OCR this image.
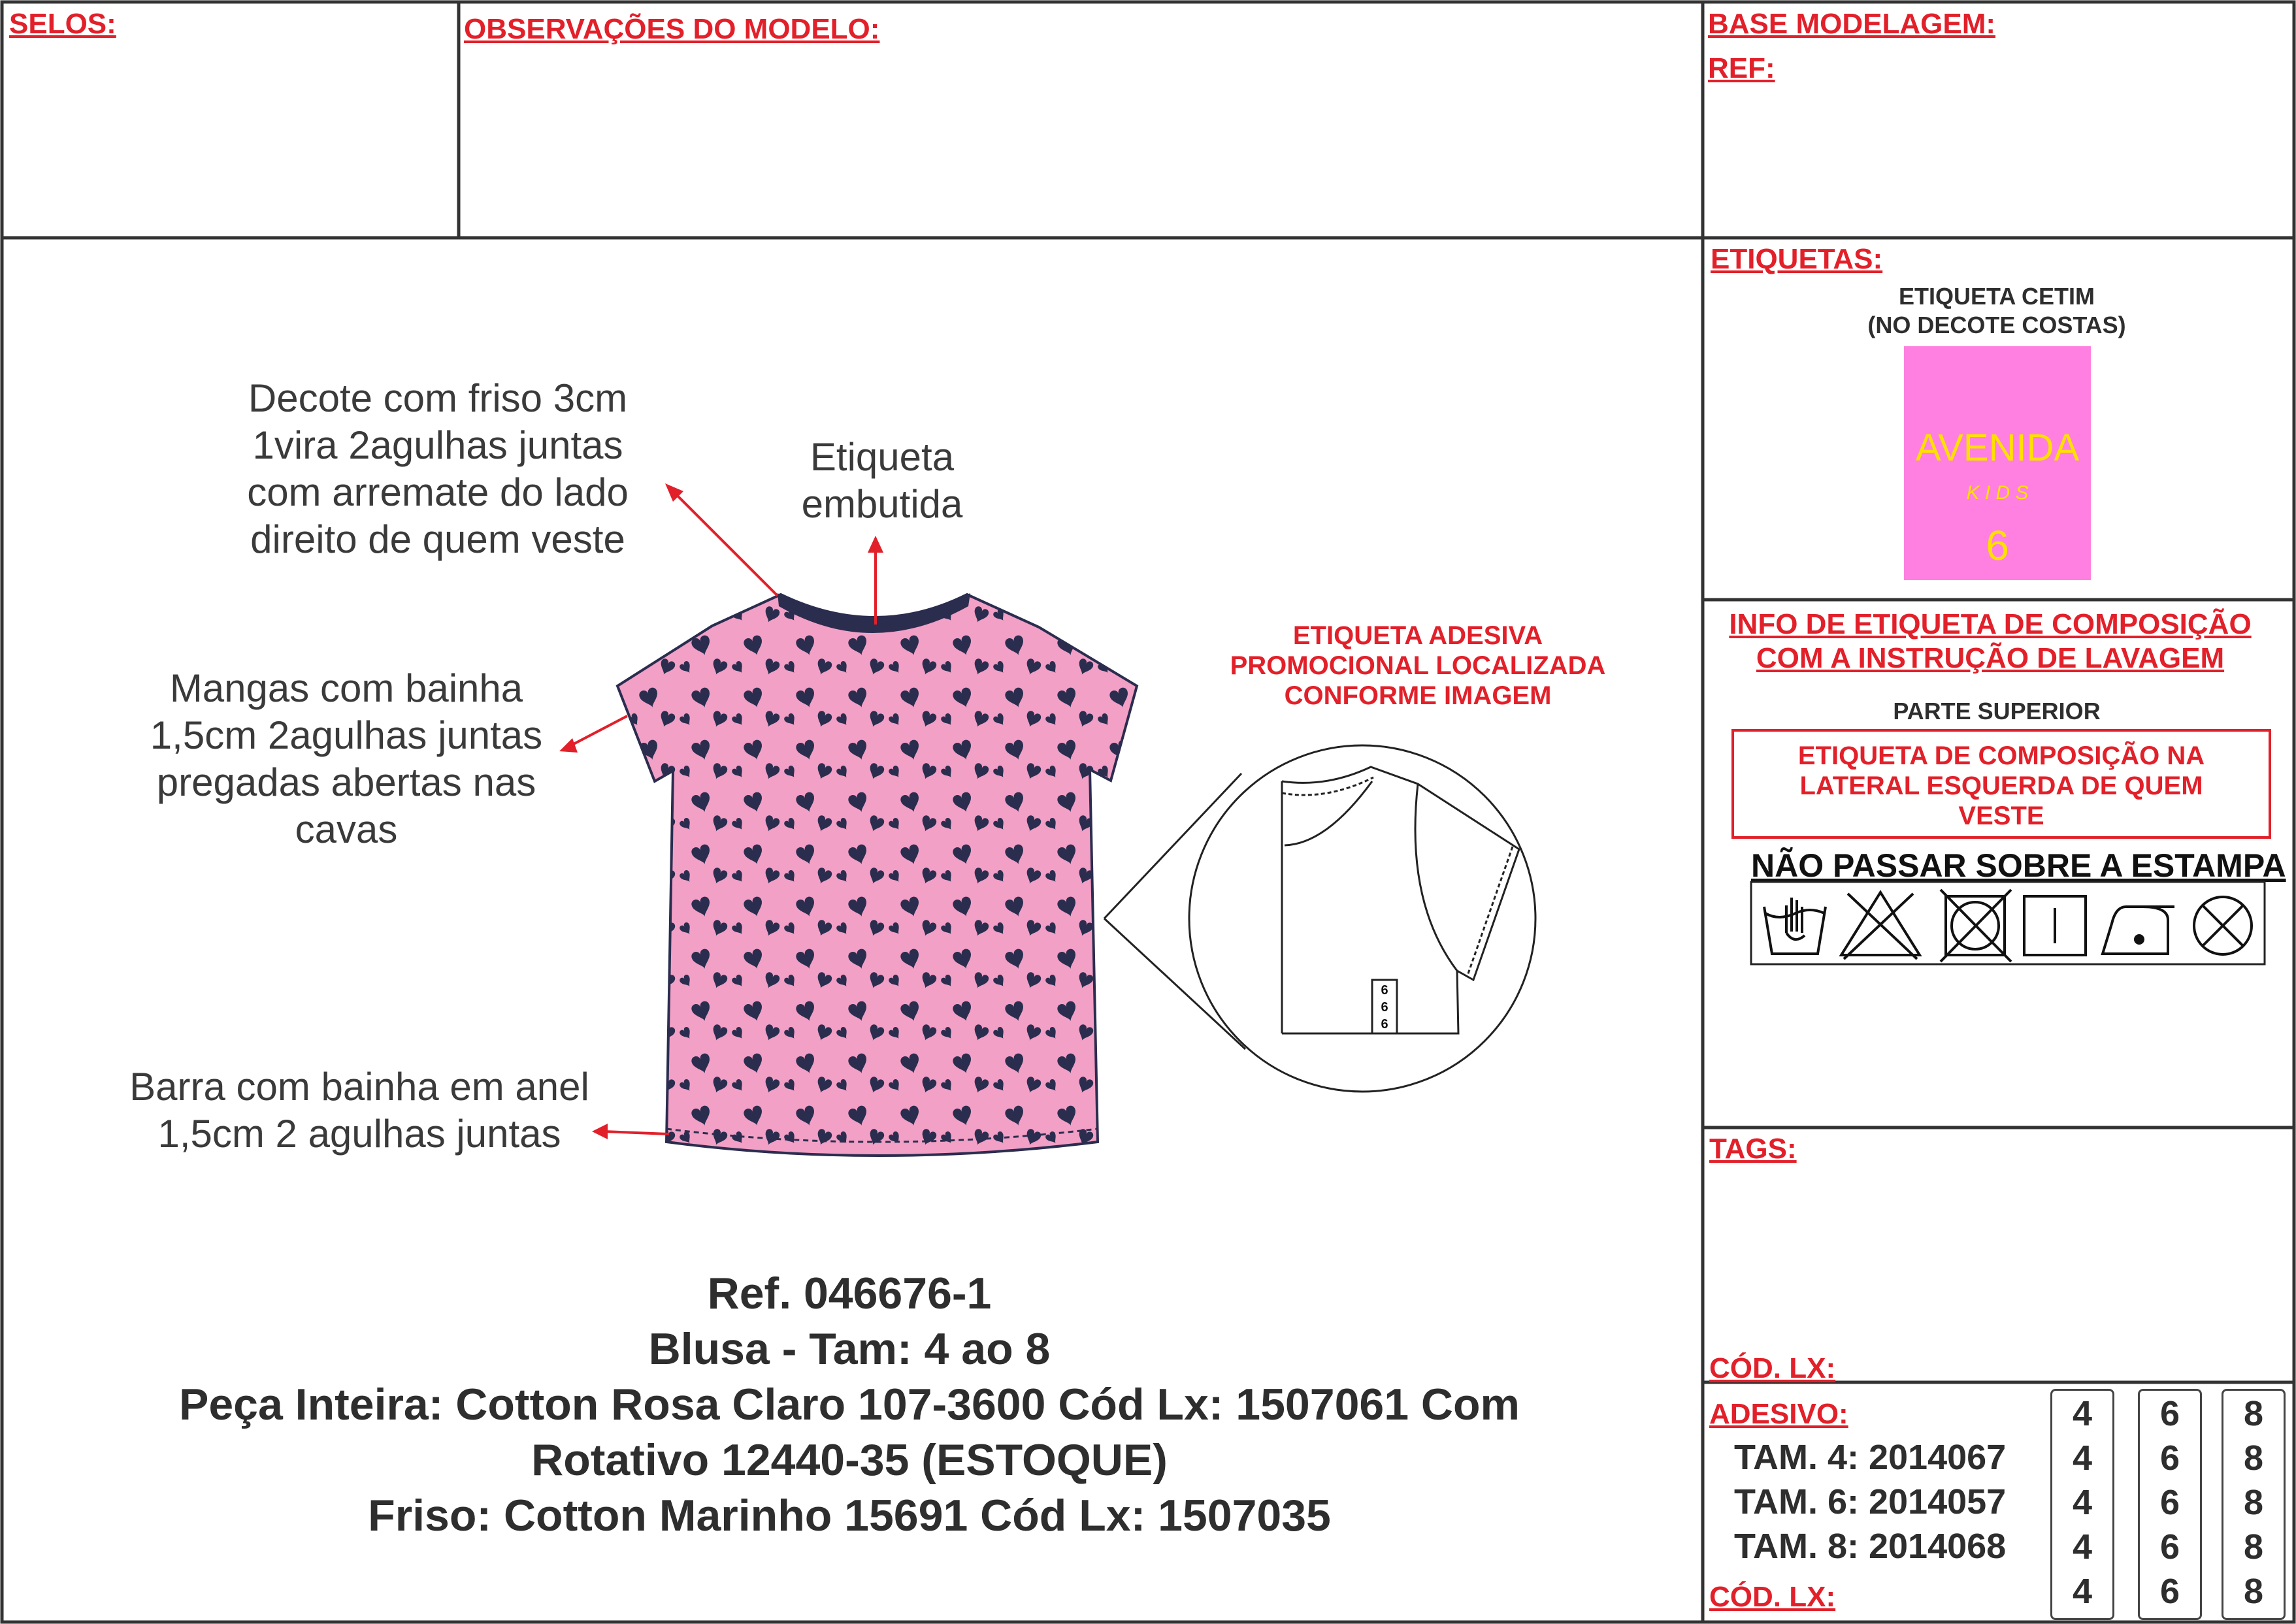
SELOS:	OBSERVAÇÕES DO MODELO:	BASE MODELAGEM:

REF:

ETIQUETAS:

ETIQUETA CETIM
(NO DECOTE COSTAS)

AVENIDA
K I D S
6

INFO DE ETIQUETA DE COMPOSIÇÃO
COM A INSTRUÇÃO DE LAVAGEM

PARTE SUPERIOR

ETIQUETA DE COMPOSIÇÃO NA
LATERAL ESQUERDA DE QUEM
VESTE

NÃO PASSAR SOBRE A ESTAMPA

TAGS:

CÓD. LX:

ADESIVO:

TAM. 4: 2014067

TAM. 6: 2014057

TAM. 8: 2014068

CÓD. LX:

4
4
4
4
4
6
6
6
6
6
8
8
8
8
8

Decote com friso 3cm
1vira 2agulhas juntas
com arremate do lado
direito de quem veste

Etiqueta
embutida

Mangas com bainha
1,5cm 2agulhas juntas
pregadas abertas nas
cavas

Barra com bainha em anel
1,5cm 2 agulhas juntas

ETIQUETA ADESIVA
PROMOCIONAL LOCALIZADA
CONFORME IMAGEM

6
6
6
Ref. 046676-1
Blusa - Tam: 4 ao 8
Peça Inteira: Cotton Rosa Claro 107-3600 Cód Lx: 1507061 Com
Rotativo 12440-35 (ESTOQUE)
Friso: Cotton Marinho 15691 Cód Lx: 1507035
